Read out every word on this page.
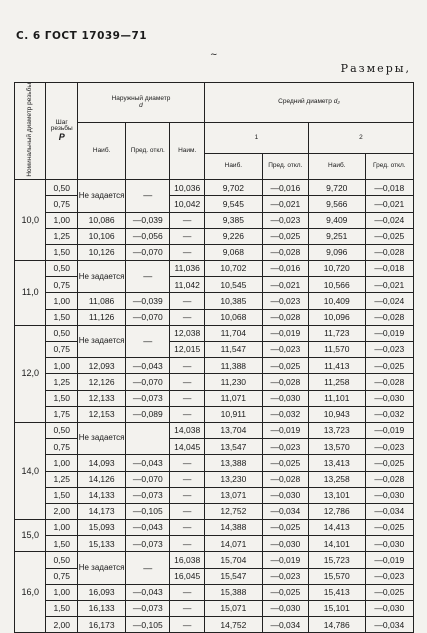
С. 6 ГОСТ 17039—71
~
Размеры,
Номинальный диаметр резьбы	Шаг резьбы
P	Наружный диаметр
d			Средний диаметр d₂			
		Наиб.	Пред. откл.	Наим.	1		2	
					Наиб.	Пред. откл.	Наиб.	Гред. откл.
10,0	0,50	Не задается	—	10,036	9,702	—0,016	9,720	—0,018
	0,75			10,042	9,545	—0,021	9,566	—0,021
	1,00	10,086	—0,039	—	9,385	—0,023	9,409	—0,024
	1,25	10,106	—0,056	—	9,226	—0,025	9,251	—0,025
	1,50	10,126	—0,070	—	9,068	—0,028	9,096	—0,028
11,0	0,50	Не задается	—	11,036	10,702	—0,016	10,720	—0,018
	0,75			11,042	10,545	—0,021	10,566	—0,021
	1,00	11,086	—0,039	—	10,385	—0,023	10,409	—0,024
	1,50	11,126	—0,070	—	10,068	—0,028	10,096	—0,028
12,0	0,50	Не задается	—	12,038	11,704	—0,019	11,723	—0,019
	0,75			12,015	11,547	—0,023	11,570	—0,023
	1,00	12,093	—0,043	—	11,388	—0,025	11,413	—0,025
	1,25	12,126	—0,070	—	11,230	—0,028	11,258	—0,028
	1,50	12,133	—0,073	—	11,071	—0,030	11,101	—0,030
	1,75	12,153	—0,089	—	10,911	—0,032	10,943	—0,032
14,0	0,50	Не задается		14,038	13,704	—0,019	13,723	—0,019
	0,75			14,045	13,547	—0,023	13,570	—0,023
	1,00	14,093	—0,043	—	13,388	—0,025	13,413	—0,025
	1,25	14,126	—0,070	—	13,230	—0,028	13,258	—0,028
	1,50	14,133	—0,073	—	13,071	—0,030	13,101	—0,030
	2,00	14,173	—0,105	—	12,752	—0,034	12,786	—0,034
15,0	1,00	15,093	—0,043	—	14,388	—0,025	14,413	—0,025
	1,50	15,133	—0,073	—	14,071	—0,030	14,101	—0,030
16,0	0,50	Не задается	—	16,038	15,704	—0,019	15,723	—0,019
	0,75			16,045	15,547	—0,023	15,570	—0,023
	1,00	16,093	—0,043	—	15,388	—0,025	15,413	—0,025
	1,50	16,133	—0,073	—	15,071	—0,030	15,101	—0,030
	2,00	16,173	—0,105	—	14,752	—0,034	14,786	—0,034
